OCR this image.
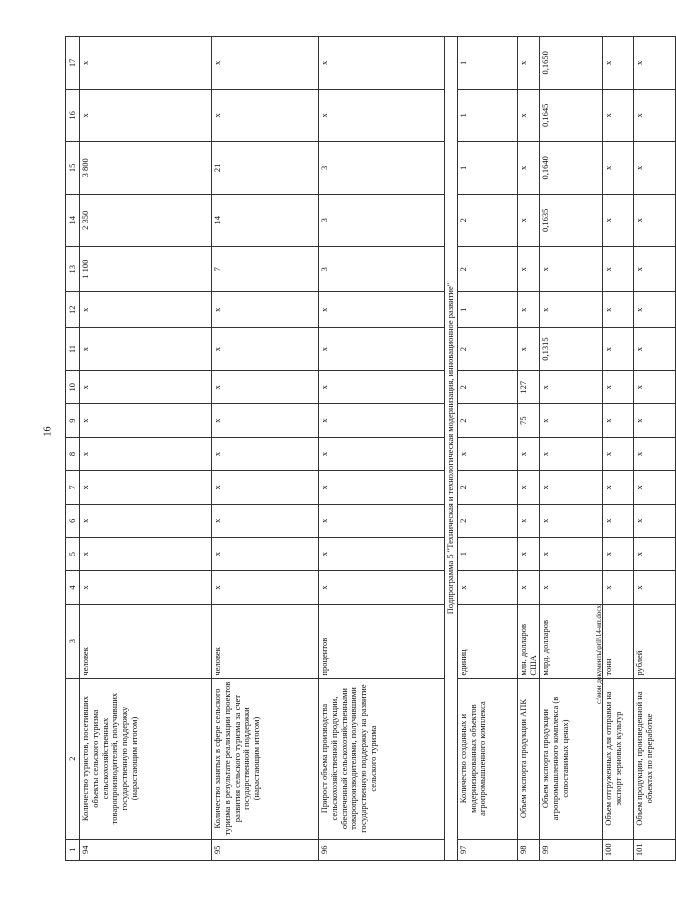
16
1	2	3	4	5	6	7	8	9	10	11	12	13	14	15	16	17
94	Количество туристов, посетивших объекты сельского туризма сельскохозяйственных товаропроизводителей, получивших государственную поддержку (нарастающим итогом)	человек	х	х	х	х	х	х	х	х	х	1 100	2 350	3 800	х	х
95	Количество занятых в сфере сельского туризма в результате реализации проектов развития сельского туризма за счет государственной поддержки (нарастающим итогом)	человек	х	х	х	х	х	х	х	х	х	7	14	21	х	х
96	Прирост объема производства сельскохозяйственной продукции, обеспеченный сельскохозяйственными товаропроизводителями, получившими государственную поддержку на развитие сельского туризма	процентов	х	х	х	х	х	х	х	х	х	3	3	3	х	х
Подпрограмма 5 "Техническая и технологическая модернизация, инновационное развитие"																
97	Количество созданных и модернизированных объектов агропромышленного комплекса	единиц	х	1	2	2	х	2	2	2	1	2	2	1	1	1
98	Объем экспорта продукции АПК	млн. долларов США	х	х	х	х	х	75	127	х	х	х	х	х	х	х
99	Объем экспорта продукции агропромышленного комплекса (в сопоставимых ценах)	млрд. долларов	х	х	х	х	х	х	х	0,1315	х	х	0,1635	0,1640	0,1645	0,1650
100	Объем отгруженных для отправки на экспорт зерновых культур	тонн	х	х	х	х	х	х	х	х	х	х	х	х	х	х
101	Объем продукции, произведенной на объектах по переработке	рублей	х	х	х	х	х	х	х	х	х	х	х	х	х	х
c:\мои документы\pril\14-ип.docx
